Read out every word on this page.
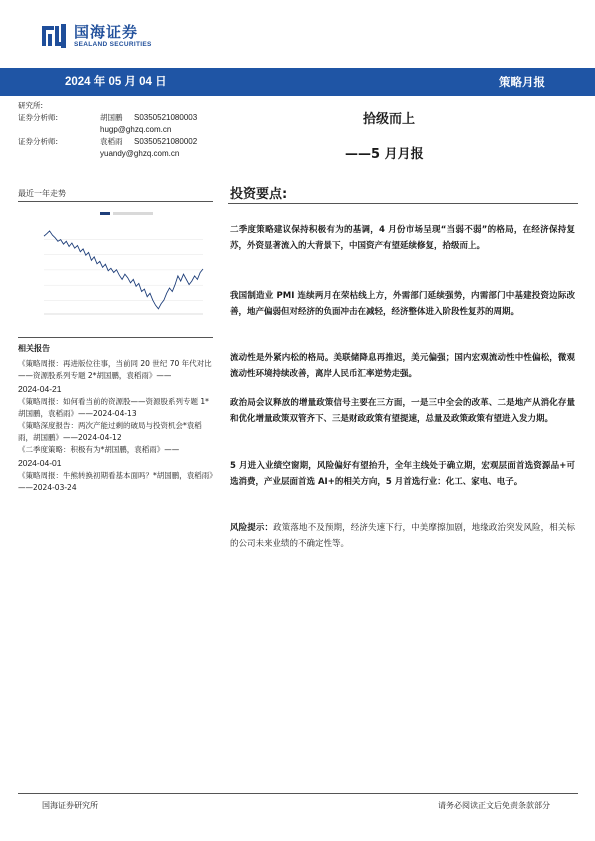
国海证券
SEALAND SECURITIES
2024 年 05 月 04 日	策略月报
研究所:
证券分析师:	胡国鹏	S0350521080003
hugp@ghzq.com.cn
证券分析师:	袁稻雨	S0350521080002
yuandy@ghzq.com.cn
拾级而上
——5 月月报
最近一年走势
相关报告
《策略周报：再进版位往事，当前同 20 世纪 70 年代对比——资源股系列专题 2*胡国鹏，袁稻雨》——
2024-04-21
《策略周报：如何看当前的资源股——资源股系列专题 1*胡国鹏，袁稻雨》——2024-04-13
《策略深度报告：两次产能过剩的破局与投资机会*袁稻雨，胡国鹏》——2024-04-12
《二季度策略：积极有为*胡国鹏，袁稻雨》——
2024-04-01
《策略周报：牛熊转换初期看基本面吗？*胡国鹏，袁稻雨》——2024-03-24
投资要点:
二季度策略建议保持积极有为的基调，4 月份市场呈现“当弱不弱”的格局，在经济保持复苏，外资显著流入的大背景下，中国资产有望延续修复，拾级而上。
我国制造业 PMI 连续两月在荣枯线上方，外需部门延续强势，内需部门中基建投资边际改善，地产偏弱但对经济的负面冲击在减轻，经济整体进入阶段性复苏的周期。
流动性是外紧内松的格局。美联储降息再推迟，美元偏强；国内宏观流动性中性偏松，微观流动性环境持续改善，离岸人民币汇率逆势走强。
政治局会议释放的增量政策信号主要在三方面，一是三中全会的改革、二是地产从消化存量和优化增量政策双管齐下、三是财政政策有望提速，总量及政策政策有望进入发力期。
5 月进入业绩空窗期，风险偏好有望抬升，全年主线处于确立期，宏观层面首选资源品+可选消费，产业层面首选 AI+的相关方向，5 月首选行业：化工、家电、电子。
风险提示：政策落地不及预期，经济失速下行，中美摩擦加剧，地缘政治突发风险，相关标的公司未来业绩的不确定性等。
国海证券研究所	请务必阅读正文后免责条款部分
